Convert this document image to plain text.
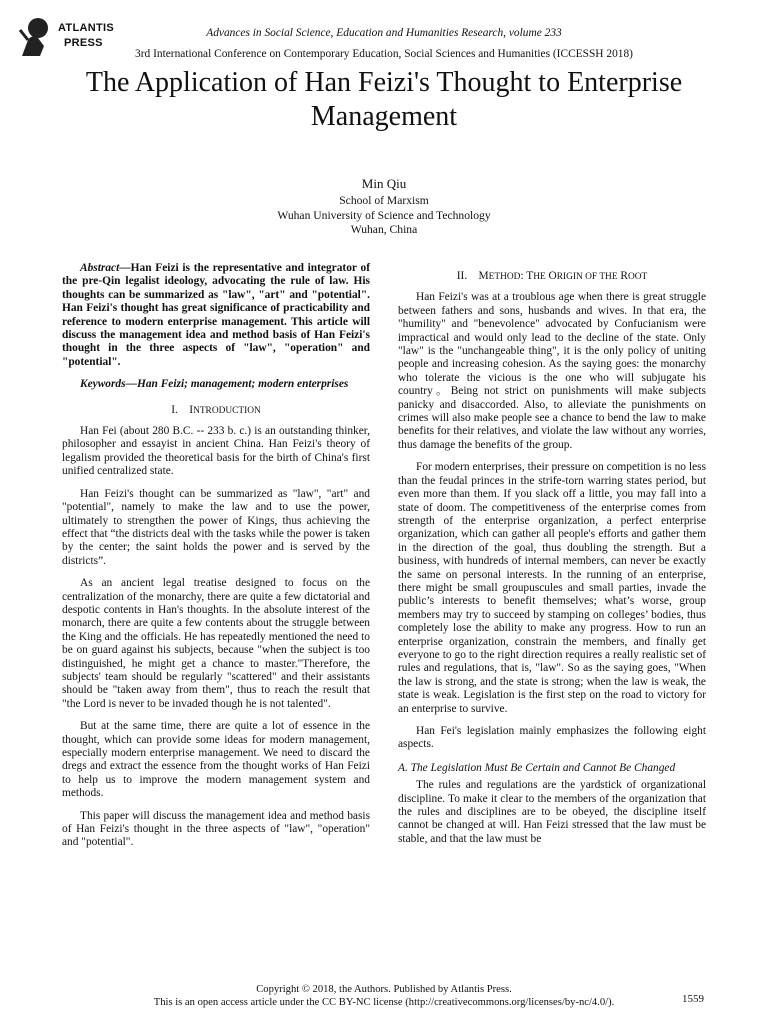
ATLANTIS
PRESS
Advances in Social Science, Education and Humanities Research, volume 233
3rd International Conference on Contemporary Education, Social Sciences and Humanities (ICCESSH 2018)
The Application of Han Feizi's Thought to Enterprise Management
Min Qiu
School of Marxism
Wuhan University of Science and Technology
Wuhan, China

Abstract—Han Feizi is the representative and integrator of the pre-Qin legalist ideology, advocating the rule of law. His thoughts can be summarized as "law", "art" and "potential". Han Feizi's thought has great significance of practicability and reference to modern enterprise management. This article will discuss the management idea and method basis of Han Feizi's thought in the three aspects of "law", "operation" and "potential".

Keywords—Han Feizi; management; modern enterprises

I. INTRODUCTION

Han Fei (about 280 B.C. -- 233 b. c.) is an outstanding thinker, philosopher and essayist in ancient China. Han Feizi's theory of legalism provided the theoretical basis for the birth of China's first unified centralized state.

Han Feizi's thought can be summarized as "law", "art" and "potential", namely to make the law and to use the power, ultimately to strengthen the power of Kings, thus achieving the effect that “the districts deal with the tasks while the power is taken by the center; the saint holds the power and is served by the districts”.

As an ancient legal treatise designed to focus on the centralization of the monarchy, there are quite a few dictatorial and despotic contents in Han's thoughts. In the absolute interest of the monarch, there are quite a few contents about the struggle between the King and the officials. He has repeatedly mentioned the need to be on guard against his subjects, because "when the subject is too distinguished, he might get a chance to master."Therefore, the subjects' team should be regularly "scattered" and their assistants should be "taken away from them", thus to reach the result that "the Lord is never to be invaded though he is not talented".

But at the same time, there are quite a lot of essence in the thought, which can provide some ideas for modern management, especially modern enterprise management. We need to discard the dregs and extract the essence from the thought works of Han Feizi to help us to improve the modern management system and methods.

This paper will discuss the management idea and method basis of Han Feizi's thought in the three aspects of "law", "operation" and "potential".

II. METHOD: THE ORIGIN OF THE ROOT

Han Feizi's was at a troublous age when there is great struggle between fathers and sons, husbands and wives. In that era, the "humility" and "benevolence" advocated by Confucianism were impractical and would only lead to the decline of the state. Only "law" is the "unchangeable thing", it is the only policy of uniting people and increasing cohesion. As the saying goes: the monarchy who tolerate the vicious is the one who will subjugate his country。Being not strict on punishments will make subjects panicky and disaccorded. Also, to alleviate the punishments on crimes will also make people see a chance to bend the law to make benefits for their relatives, and violate the law without any worries, thus damage the benefits of the group.

For modern enterprises, their pressure on competition is no less than the feudal princes in the strife-torn warring states period, but even more than them. If you slack off a little, you may fall into a state of doom. The competitiveness of the enterprise comes from strength of the enterprise organization, a perfect enterprise organization, which can gather all people's efforts and gather them in the direction of the goal, thus doubling the strength. But a business, with hundreds of internal members, can never be exactly the same on personal interests. In the running of an enterprise, there might be small groupuscules and small parties, invade the public’s interests to benefit themselves; what’s worse, group members may try to succeed by stamping on colleges’ bodies, thus completely lose the ability to make any progress. How to run an enterprise organization, constrain the members, and finally get everyone to go to the right direction requires a really realistic set of rules and regulations, that is, "law". So as the saying goes, "When the law is strong, and the state is strong; when the law is weak, the state is weak. Legislation is the first step on the road to victory for an enterprise to survive.

Han Fei's legislation mainly emphasizes the following eight aspects.

A. The Legislation Must Be Certain and Cannot Be Changed

The rules and regulations are the yardstick of organizational discipline. To make it clear to the members of the organization that the rules and disciplines are to be obeyed, the discipline itself cannot be changed at will. Han Feizi stressed that the law must be stable, and that the law must be

Copyright © 2018, the Authors. Published by Atlantis Press.
This is an open access article under the CC BY-NC license (http://creativecommons.org/licenses/by-nc/4.0/).	1559
